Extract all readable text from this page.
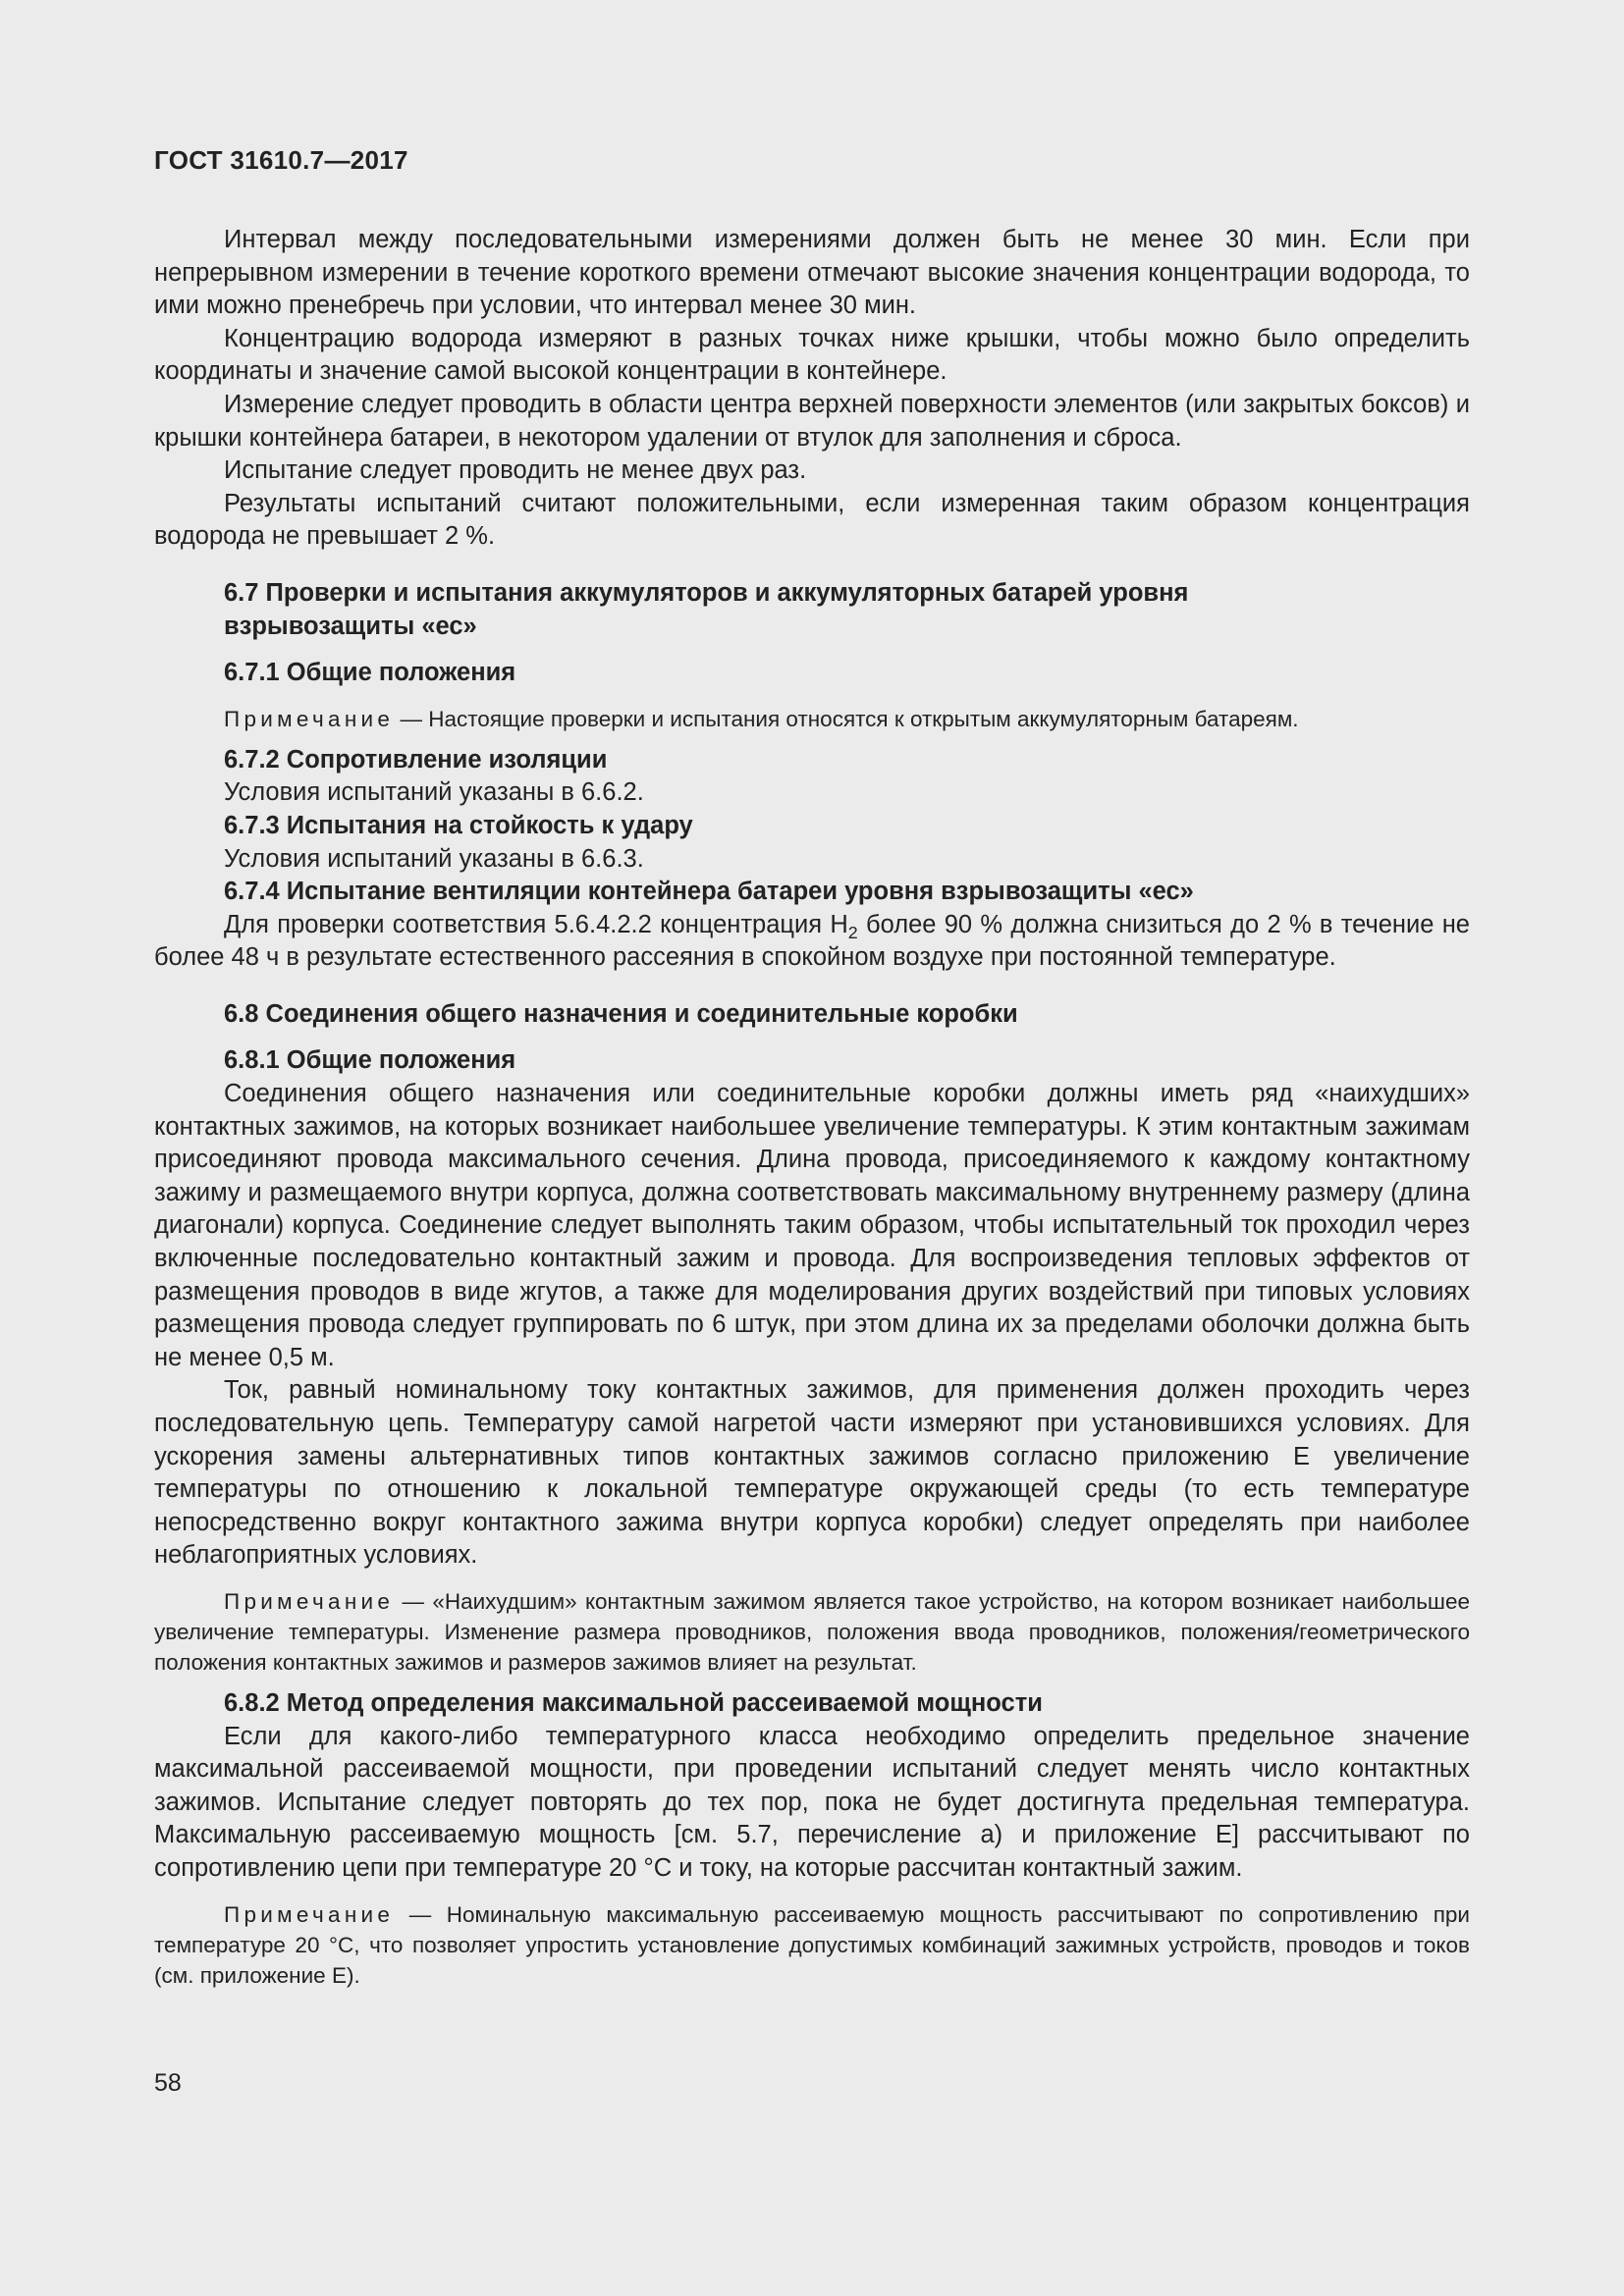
ГОСТ 31610.7—2017

Интервал между последовательными измерениями должен быть не менее 30 мин. Если при непрерывном измерении в течение короткого времени отмечают высокие значения концентрации водорода, то ими можно пренебречь при условии, что интервал менее 30 мин.

Концентрацию водорода измеряют в разных точках ниже крышки, чтобы можно было определить координаты и значение самой высокой концентрации в контейнере.

Измерение следует проводить в области центра верхней поверхности элементов (или закрытых боксов) и крышки контейнера батареи, в некотором удалении от втулок для заполнения и сброса.

Испытание следует проводить не менее двух раз.

Результаты испытаний считают положительными, если измеренная таким образом концентрация водорода не превышает 2 %.

6.7 Проверки и испытания аккумуляторов и аккумуляторных батарей уровня взрывозащиты «ес»

6.7.1 Общие положения

Примечание — Настоящие проверки и испытания относятся к открытым аккумуляторным батареям.

6.7.2 Сопротивление изоляции

Условия испытаний указаны в 6.6.2.

6.7.3 Испытания на стойкость к удару

Условия испытаний указаны в 6.6.3.

6.7.4 Испытание вентиляции контейнера батареи уровня взрывозащиты «ес»

Для проверки соответствия 5.6.4.2.2 концентрация $H_2$ более 90 % должна снизиться до 2 % в течение не более 48 ч в результате естественного рассеяния в спокойном воздухе при постоянной температуре.

6.8 Соединения общего назначения и соединительные коробки

6.8.1 Общие положения

Соединения общего назначения или соединительные коробки должны иметь ряд «наихудших» контактных зажимов, на которых возникает наибольшее увеличение температуры. К этим контактным зажимам присоединяют провода максимального сечения. Длина провода, присоединяемого к каждому контактному зажиму и размещаемого внутри корпуса, должна соответствовать максимальному внутреннему размеру (длина диагонали) корпуса. Соединение следует выполнять таким образом, чтобы испытательный ток проходил через включенные последовательно контактный зажим и провода. Для воспроизведения тепловых эффектов от размещения проводов в виде жгутов, а также для моделирования других воздействий при типовых условиях размещения провода следует группировать по 6 штук, при этом длина их за пределами оболочки должна быть не менее 0,5 м.

Ток, равный номинальному току контактных зажимов, для применения должен проходить через последовательную цепь. Температуру самой нагретой части измеряют при установившихся условиях. Для ускорения замены альтернативных типов контактных зажимов согласно приложению Е увеличение температуры по отношению к локальной температуре окружающей среды (то есть температуре непосредственно вокруг контактного зажима внутри корпуса коробки) следует определять при наиболее неблагоприятных условиях.

Примечание — «Наихудшим» контактным зажимом является такое устройство, на котором возникает наибольшее увеличение температуры. Изменение размера проводников, положения ввода проводников, положения/геометрического положения контактных зажимов и размеров зажимов влияет на результат.

6.8.2 Метод определения максимальной рассеиваемой мощности

Если для какого-либо температурного класса необходимо определить предельное значение максимальной рассеиваемой мощности, при проведении испытаний следует менять число контактных зажимов. Испытание следует повторять до тех пор, пока не будет достигнута предельная температура. Максимальную рассеиваемую мощность [см. 5.7, перечисление а) и приложение Е] рассчитывают по сопротивлению цепи при температуре 20 °С и току, на которые рассчитан контактный зажим.

Примечание — Номинальную максимальную рассеиваемую мощность рассчитывают по сопротивлению при температуре 20 °С, что позволяет упростить установление допустимых комбинаций зажимных устройств, проводов и токов (см. приложение Е).

58
